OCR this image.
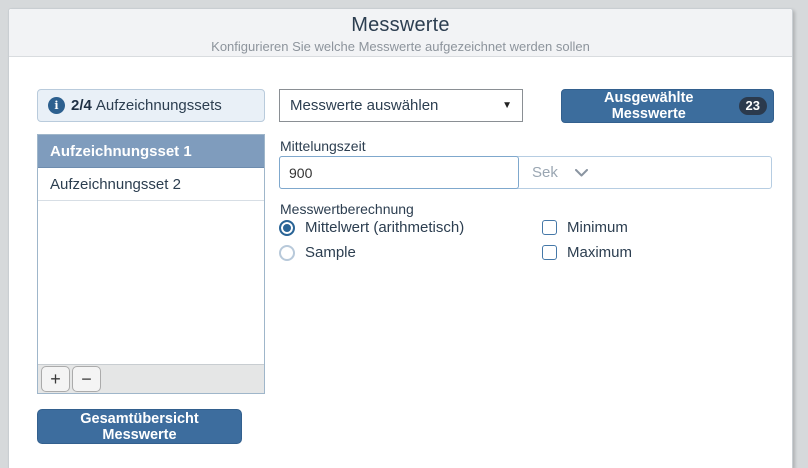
Messwerte

Konfigurieren Sie welche Messwerte aufgezeichnet werden sollen

i 2/4 Aufzeichnungssets
Aufzeichnungsset 1
Aufzeichnungsset 2
+	−
Gesamtübersicht Messwerte
Messwerte auswählen	▼	Ausgewählte Messwerte
23
Mittelungszeit
900
Sek
Messwertberechnung
Mittelwert (arithmetisch)
Sample
Minimum
Maximum
